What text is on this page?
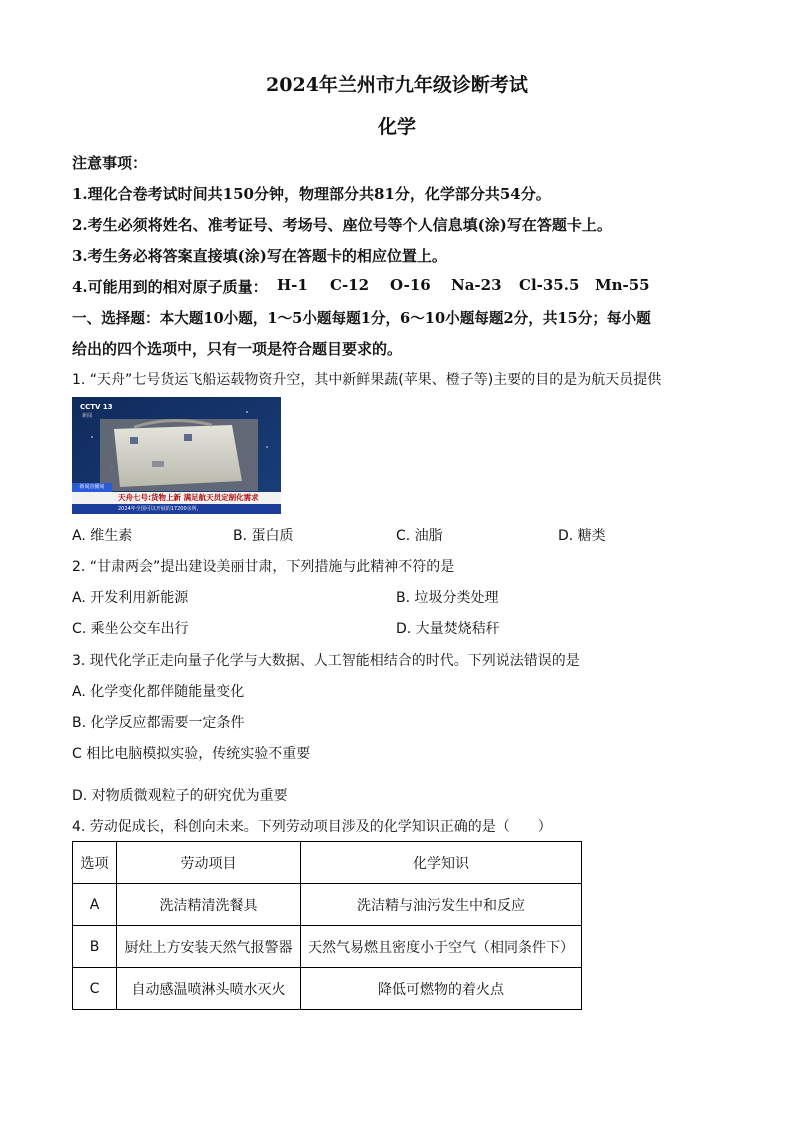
2024年兰州市九年级诊断考试
化学
注意事项：
1.理化合卷考试时间共150分钟，物理部分共81分，化学部分共54分。
2.考生必须将姓名、准考证号、考场号、座位号等个人信息填(涂)写在答题卡上。
3.考生务必将答案直接填(涂)写在答题卡的相应位置上。
4.可能用到的相对原子质量： H-1 C-12 O-16 Na-23 Cl-35.5 Mn-55
一、选择题：本大题10小题，1～5小题每题1分，6～10小题每题2分，共15分；每小题
给出的四个选项中，只有一项是符合题目要求的。
1. “天舟”七号货运飞船运载物资升空，其中新鲜果蔬(苹果、橙子等)主要的目的是为航天员提供
CCTV 13
新闻
新闻直播间
天舟七号:货物上新 满足航天员定制化需求
2024年全国可以开展的17200余所，
A. 维生素	B. 蛋白质	C. 油脂	D. 糖类
2. “甘肃两会”提出建设美丽甘肃，下列措施与此精神不符的是
A. 开发利用新能源	B. 垃圾分类处理
C. 乘坐公交车出行	D. 大量焚烧秸秆
3. 现代化学正走向量子化学与大数据、人工智能相结合的时代。下列说法错误的是
A. 化学变化都伴随能量变化
B. 化学反应都需要一定条件
C 相比电脑模拟实验，传统实验不重要
D. 对物质微观粒子的研究优为重要
4. 劳动促成长，科创向未来。下列劳动项目涉及的化学知识正确的是（　　）
选项	劳动项目	化学知识
A	洗洁精清洗餐具	洗洁精与油污发生中和反应
B	厨灶上方安装天然气报警器	天然气易燃且密度小于空气（相同条件下）
C	自动感温喷淋头喷水灭火	降低可燃物的着火点
